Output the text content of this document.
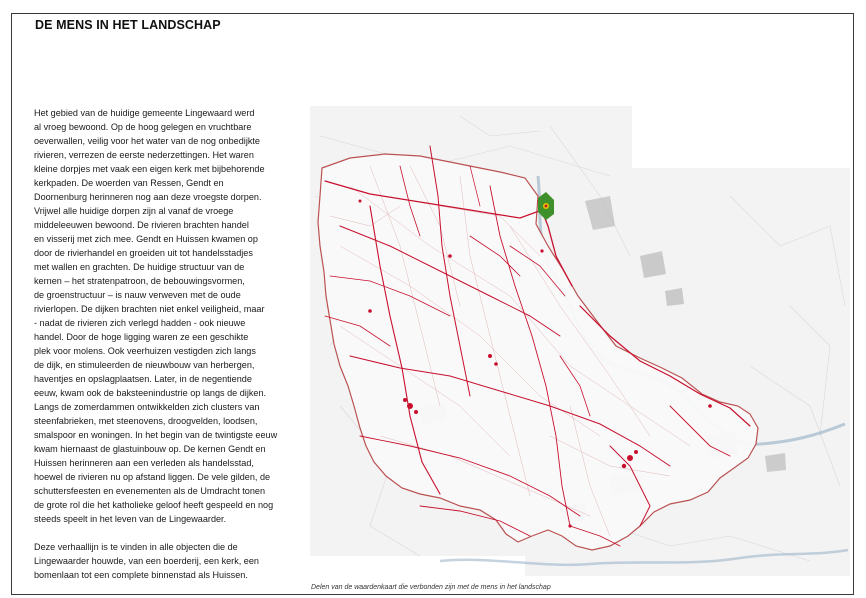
DE MENS IN HET LANDSCHAP
Het gebied van de huidige gemeente Lingewaard werd
al vroeg bewoond. Op de hoog gelegen en vruchtbare
oeverwallen, veilig voor het water van de nog onbedijkte
rivieren, verrezen de eerste nederzettingen. Het waren
kleine dorpjes met vaak een eigen kerk met bijbehorende
kerkpaden. De woerden van Ressen, Gendt en
Doornenburg herinneren nog aan deze vroegste dorpen.
Vrijwel alle huidige dorpen zijn al vanaf de vroege
middeleeuwen bewoond. De rivieren brachten handel
en visserij met zich mee. Gendt en Huissen kwamen op
door de rivierhandel en groeiden uit tot handelsstadjes
met wallen en grachten. De huidige structuur van de
kernen – het stratenpatroon, de bebouwingsvormen,
de groenstructuur – is nauw verweven met de oude
rivierlopen. De dijken brachten niet enkel veiligheid, maar
- nadat de rivieren zich verlegd hadden - ook nieuwe
handel. Door de hoge ligging waren ze een geschikte
plek voor molens. Ook veerhuizen vestigden zich langs
de dijk, en stimuleerden de nieuwbouw van herbergen,
haventjes en opslagplaatsen. Later, in de negentiende
eeuw, kwam ook de baksteenindustrie op langs de dijken.
Langs de zomerdammen ontwikkelden zich clusters van
steenfabrieken, met steenovens, droogvelden, loodsen,
smalspoor en woningen. In het begin van de twintigste eeuw
kwam hiernaast de glastuinbouw op. De kernen Gendt en
Huissen herinneren aan een verleden als handelsstad,
hoewel de rivieren nu op afstand liggen. De vele gilden, de
schuttersfeesten en evenementen als de Umdracht tonen
de grote rol die het katholieke geloof heeft gespeeld en nog
steeds speelt in het leven van de Lingewaarder.
Deze verhaallijn is te vinden in alle objecten die de
Lingewaarder houwde, van een boerderij, een kerk, een
bomenlaan tot een complete binnenstad als Huissen.
Delen van de waardenkaart die verbonden zijn met de mens in het landschap
